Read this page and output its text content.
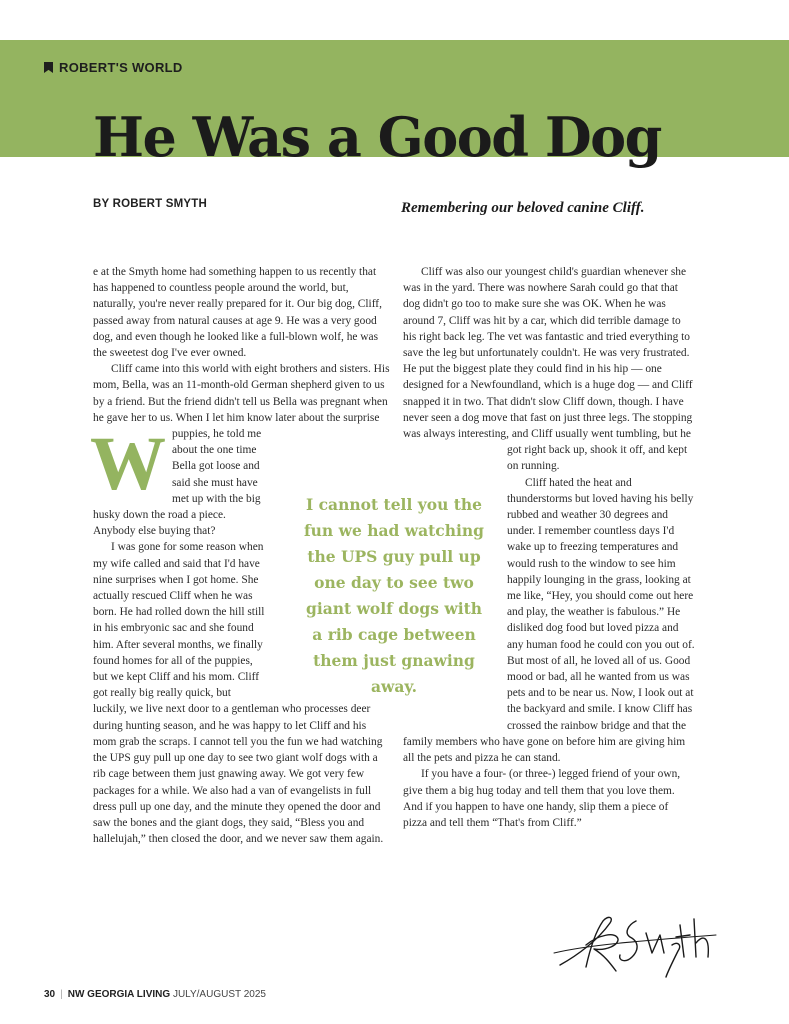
ROBERT'S WORLD
He Was a Good Dog
BY ROBERT SMYTH	Remembering our beloved canine Cliff.

W
e at the Smyth home had something happen to us recently that has happened to countless people around the world, but, naturally, you're never really prepared for it. Our big dog, Cliff, passed away from natural causes at age 9. He was a very good dog, and even though he looked like a full-blown wolf, he was the sweetest dog I've ever owned.

Cliff came into this world with eight brothers and sisters. His mom, Bella, was an 11-month-old German shepherd given to us by a friend. But the friend didn't tell us Bella was pregnant when he gave her to us. When I let him know later about the surprise puppies, he told me about the one time Bella got loose and said she must have met up with the big husky down the road a piece. Anybody else buying that?

I was gone for some reason when my wife called and said that I'd have nine surprises when I got home. She actually rescued Cliff when he was born. He had rolled down the hill still in his embryonic sac and she found him. After several months, we finally found homes for all of the puppies, but we kept Cliff and his mom. Cliff got really big really quick, but luckily, we live next door to a gentleman who processes deer during hunting season, and he was happy to let Cliff and his mom grab the scraps. I cannot tell you the fun we had watching the UPS guy pull up one day to see two giant wolf dogs with a rib cage between them just gnawing away. We got very few packages for a while. We also had a van of evangelists in full dress pull up one day, and the minute they opened the door and saw the bones and the giant dogs, they said, “Bless you and hallelujah,” then closed the door, and we never saw them again.

Cliff was also our youngest child's guardian whenever she was in the yard. There was nowhere Sarah could go that that dog didn't go too to make sure she was OK. When he was around 7, Cliff was hit by a car, which did terrible damage to his right back leg. The vet was fantastic and tried everything to save the leg but unfortunately couldn't. He was very frustrated. He put the biggest plate they could find in his hip — one designed for a Newfoundland, which is a huge dog — and Cliff snapped it in two. That didn't slow Cliff down, though. I have never seen a dog move that fast on just three legs. The stopping was always interesting, and Cliff usually went tumbling, but he got right back up, shook it off, and kept on running.

Cliff hated the heat and thunderstorms but loved having his belly rubbed and weather 30 degrees and under. I remember countless days I'd wake up to freezing temperatures and would rush to the window to see him happily lounging in the grass, looking at me like, “Hey, you should come out here and play, the weather is fabulous.” He disliked dog food but loved pizza and any human food he could con you out of. But most of all, he loved all of us. Good mood or bad, all he wanted from us was pets and to be near us. Now, I look out at the backyard and smile. I know Cliff has crossed the rainbow bridge and that the family members who have gone on before him are giving him all the pets and pizza he can stand.

If you have a four- (or three-) legged friend of your own, give them a big hug today and tell them that you love them. And if you happen to have one handy, slip them a piece of pizza and tell them “That's from Cliff.”

I cannot tell you the fun we had watching the UPS guy pull up one day to see two giant wolf dogs with a rib cage between them just gnawing away.
30 | NW GEORGIA LIVING JULY/AUGUST 2025
